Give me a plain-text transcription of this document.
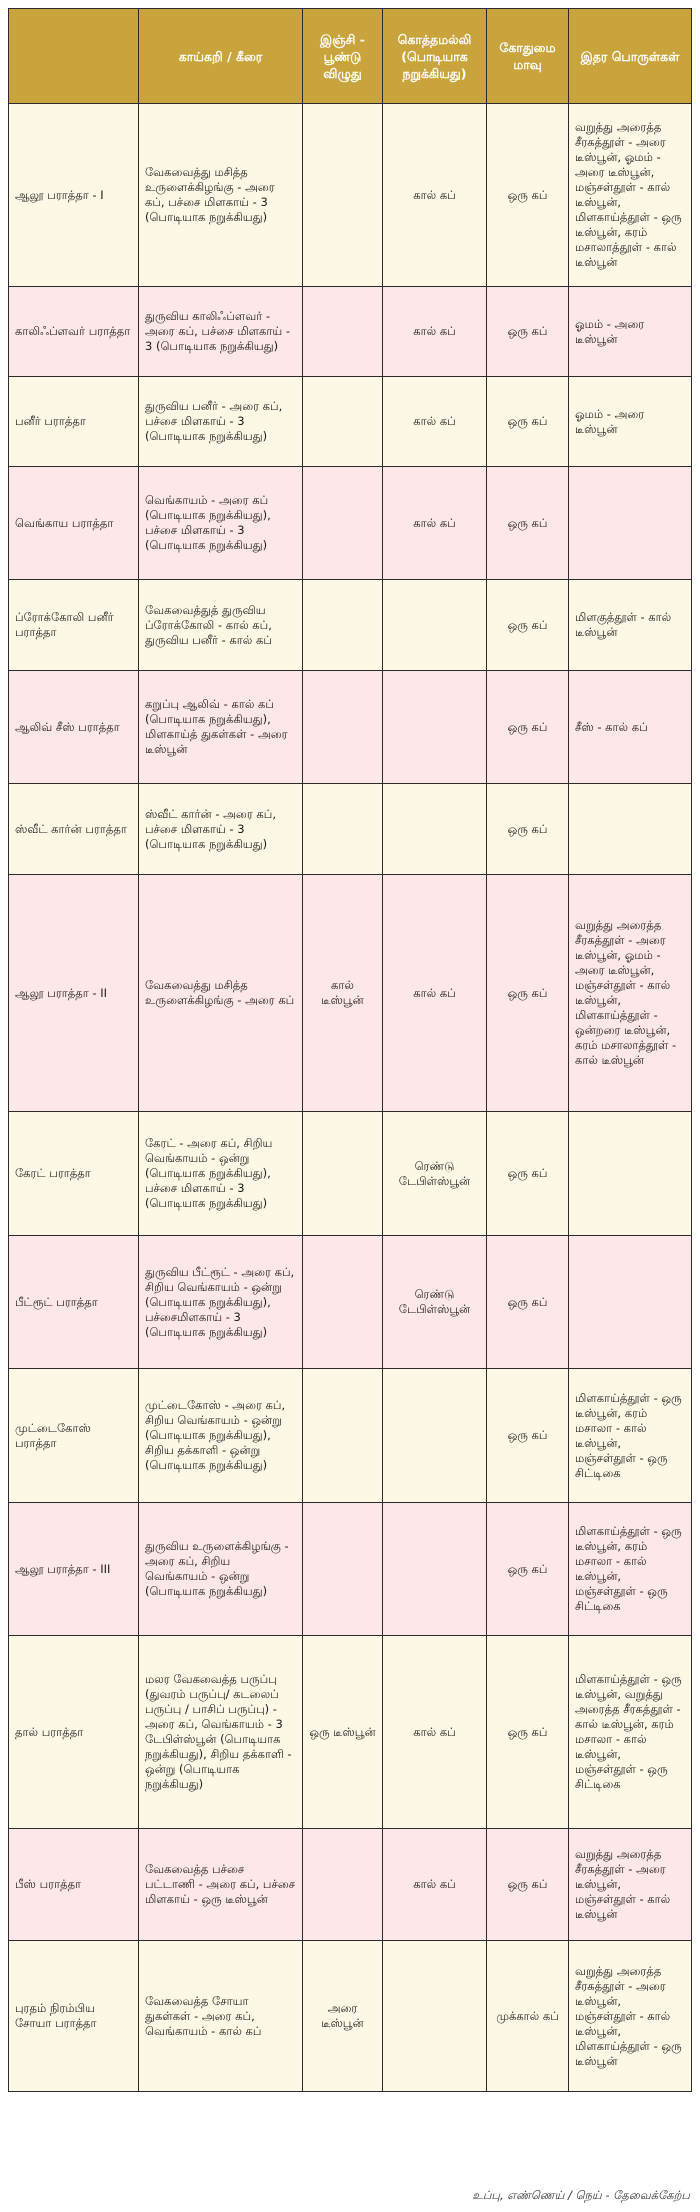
	காய்கறி / கீரை	இஞ்சி - பூண்டு விழுது	கொத்தமல்லி (பொடியாக நறுக்கியது)	கோதுமை மாவு	இதர பொருள்கள்
ஆலூ பராத்தா - I	வேகவைத்து மசித்த உருளைக்கிழங்கு - அரை கப், பச்சை மிளகாய் - 3 (பொடியாக நறுக்கியது)		கால் கப்	ஒரு கப்	வறுத்து அரைத்த சீரகத்தூள் - அரை டீஸ்பூன், ஓமம் - அரை டீஸ்பூன், மஞ்சள்தூள் - கால் டீஸ்பூன், மிளகாய்த்தூள் - ஒரு டீஸ்பூன், கரம் மசாலாத்தூள் - கால் டீஸ்பூன்
காலிஃப்ளவர் பராத்தா	துருவிய காலிஃப்ளவர் - அரை கப், பச்சை மிளகாய் - 3 (பொடியாக நறுக்கியது)		கால் கப்	ஒரு கப்	ஓமம் - அரை டீஸ்பூன்
பனீர் பராத்தா	துருவிய பனீர் - அரை கப், பச்சை மிளகாய் - 3 (பொடியாக நறுக்கியது)		கால் கப்	ஒரு கப்	ஓமம் - அரை டீஸ்பூன்
வெங்காய பராத்தா	வெங்காயம் - அரை கப் (பொடியாக நறுக்கியது), பச்சை மிளகாய் - 3 (பொடியாக நறுக்கியது)		கால் கப்	ஒரு கப்	
ப்ரோக்கோலி பனீர் பராத்தா	வேகவைத்துத் துருவிய ப்ரோக்கோலி - கால் கப், துருவிய பனீர் - கால் கப்			ஒரு கப்	மிளகுத்தூள் - கால் டீஸ்பூன்
ஆலிவ் சீஸ் பராத்தா	கறுப்பு ஆலிவ் - கால் கப் (பொடியாக நறுக்கியது), மிளகாய்த் துகள்கள் - அரை டீஸ்பூன்			ஒரு கப்	சீஸ் - கால் கப்
ஸ்வீட் கார்ன் பராத்தா	ஸ்வீட் கார்ன் - அரை கப், பச்சை மிளகாய் - 3 (பொடியாக நறுக்கியது)			ஒரு கப்	
ஆலூ பராத்தா - II	வேகவைத்து மசித்த உருளைக்கிழங்கு - அரை கப்	கால் டீஸ்பூன்	கால் கப்	ஒரு கப்	வறுத்து அரைத்த சீரகத்தூள் - அரை டீஸ்பூன், ஓமம் - அரை டீஸ்பூன், மஞ்சள்தூள் - கால் டீஸ்பூன், மிளகாய்த்தூள் - ஒன்றரை டீஸ்பூன், கரம் மசாலாத்தூள் - கால் டீஸ்பூன்
கேரட் பராத்தா	கேரட் - அரை கப், சிறிய வெங்காயம் - ஒன்று (பொடியாக நறுக்கியது), பச்சை மிளகாய் - 3 (பொடியாக நறுக்கியது)		ரெண்டு டேபிள்ஸ்பூன்	ஒரு கப்	
பீட்ரூட் பராத்தா	துருவிய பீட்ரூட் - அரை கப், சிறிய வெங்காயம் - ஒன்று (பொடியாக நறுக்கியது), பச்சைமிளகாய் - 3 (பொடியாக நறுக்கியது)		ரெண்டு டேபிள்ஸ்பூன்	ஒரு கப்	
முட்டைகோஸ் பராத்தா	முட்டைகோஸ் - அரை கப், சிறிய வெங்காயம் - ஒன்று (பொடியாக நறுக்கியது), சிறிய தக்காளி - ஒன்று (பொடியாக நறுக்கியது)			ஒரு கப்	மிளகாய்த்தூள் - ஒரு டீஸ்பூன், கரம் மசாலா - கால் டீஸ்பூன், மஞ்சள்தூள் - ஒரு சிட்டிகை
ஆலூ பராத்தா - III	துருவிய உருளைக்கிழங்கு - அரை கப், சிறிய வெங்காயம் - ஒன்று (பொடியாக நறுக்கியது)			ஒரு கப்	மிளகாய்த்தூள் - ஒரு டீஸ்பூன், கரம் மசாலா - கால் டீஸ்பூன், மஞ்சள்தூள் - ஒரு சிட்டிகை
தால் பராத்தா	மலர வேகவைத்த பருப்பு (துவரம் பருப்பு/ கடலைப் பருப்பு / பாசிப் பருப்பு) - அரை கப், வெங்காயம் - 3 டேபிள்ஸ்பூன் (பொடியாக நறுக்கியது), சிறிய தக்காளி - ஒன்று (பொடியாக நறுக்கியது)	ஒரு டீஸ்பூன்	கால் கப்	ஒரு கப்	மிளகாய்த்தூள் - ஒரு டீஸ்பூன், வறுத்து அரைத்த சீரகத்தூள் - கால் டீஸ்பூன், கரம் மசாலா - கால் டீஸ்பூன், மஞ்சள்தூள் - ஒரு சிட்டிகை
பீஸ் பராத்தா	வேகவைத்த பச்சை பட்டாணி - அரை கப், பச்சை மிளகாய் - ஒரு டீஸ்பூன்		கால் கப்	ஒரு கப்	வறுத்து அரைத்த சீரகத்தூள் - அரை டீஸ்பூன், மஞ்சள்தூள் - கால் டீஸ்பூன்
புரதம் நிரம்பிய சோயா பராத்தா	வேகவைத்த சோயா துகள்கள் - அரை கப், வெங்காயம் - கால் கப்	அரை டீஸ்பூன்		முக்கால் கப்	வறுத்து அரைத்த சீரகத்தூள் - அரை டீஸ்பூன், மஞ்சள்தூள் - கால் டீஸ்பூன், மிளகாய்த்தூள் - ஒரு டீஸ்பூன்
உப்பு, எண்ணெய் / நெய் - தேவைக்கேற்ப
